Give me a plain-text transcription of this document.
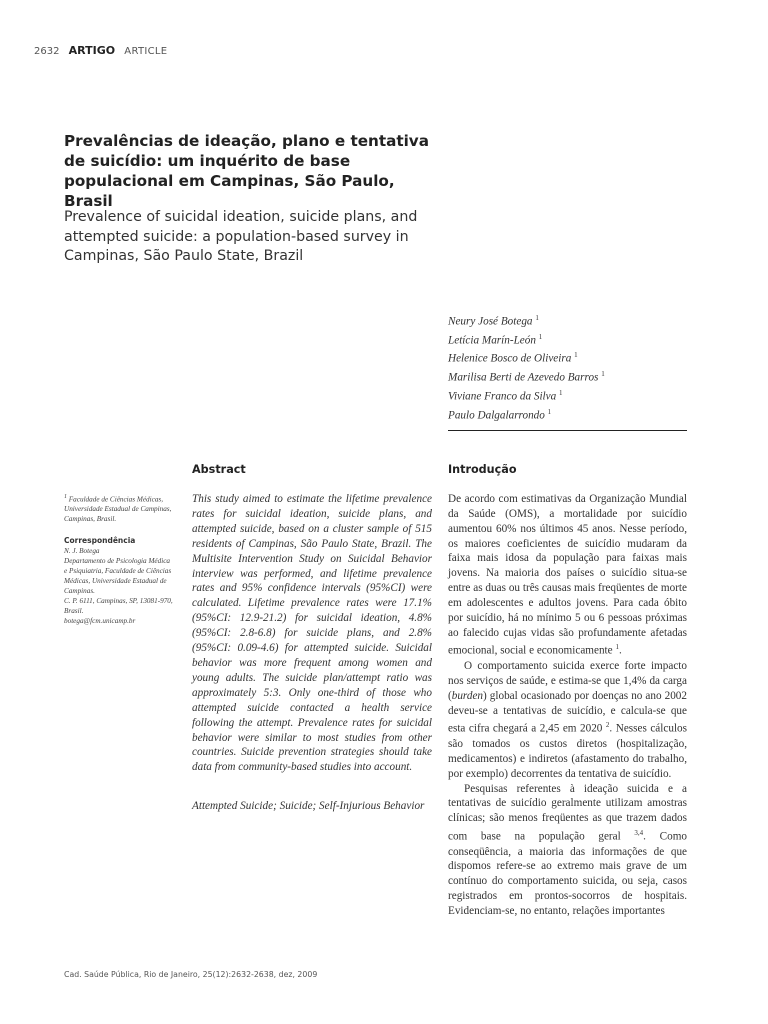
2632 ARTIGO ARTICLE
Prevalências de ideação, plano e tentativa de suicídio: um inquérito de base populacional em Campinas, São Paulo, Brasil
Prevalence of suicidal ideation, suicide plans, and attempted suicide: a population-based survey in Campinas, São Paulo State, Brazil
Neury José Botega $^1$
Letícia Marín-León $^1$
Helenice Bosco de Oliveira $^1$
Marilisa Berti de Azevedo Barros $^1$
Viviane Franco da Silva $^1$
Paulo Dalgalarrondo $^1$
Abstract	Introdução
$^1$ Faculdade de Ciências Médicas, Universidade Estadual de Campinas, Campinas, Brasil.
Correspondência
N. J. Botega
Departamento de Psicologia Médica e Psiquiatria, Faculdade de Ciências Médicas, Universidade Estadual de Campinas.
C. P. 6111, Campinas, SP, 13081-970, Brasil.
botega@fcm.unicamp.br

This study aimed to estimate the lifetime prevalence rates for suicidal ideation, suicide plans, and attempted suicide, based on a cluster sample of 515 residents of Campinas, São Paulo State, Brazil. The Multisite Intervention Study on Suicidal Behavior interview was performed, and lifetime prevalence rates and 95% confidence intervals (95%CI) were calculated. Lifetime prevalence rates were 17.1% (95%CI: 12.9-21.2) for suicidal ideation, 4.8% (95%CI: 2.8-6.8) for suicide plans, and 2.8% (95%CI: 0.09-4.6) for attempted suicide. Suicidal behavior was more frequent among women and young adults. The suicide plan/attempt ratio was approximately 5:3. Only one-third of those who attempted suicide contacted a health service following the attempt. Prevalence rates for suicidal behavior were similar to most studies from other countries. Suicide prevention strategies should take data from community-based studies into account.

Attempted Suicide; Suicide; Self-Injurious Behavior

De acordo com estimativas da Organização Mundial da Saúde (OMS), a mortalidade por suicídio aumentou 60% nos últimos 45 anos. Nesse período, os maiores coeficientes de suicídio mudaram da faixa mais idosa da população para faixas mais jovens. Na maioria dos países o suicídio situa-se entre as duas ou três causas mais freqüentes de morte em adolescentes e adultos jovens. Para cada óbito por suicídio, há no mínimo 5 ou 6 pessoas próximas ao falecido cujas vidas são profundamente afetadas emocional, social e economicamente $^1$.

O comportamento suicida exerce forte impacto nos serviços de saúde, e estima-se que 1,4% da carga (burden) global ocasionado por doenças no ano 2002 deveu-se a tentativas de suicídio, e calcula-se que esta cifra chegará a 2,45 em 2020 $^2$. Nesses cálculos são tomados os custos diretos (hospitalização, medicamentos) e indiretos (afastamento do trabalho, por exemplo) decorrentes da tentativa de suicídio.

Pesquisas referentes à ideação suicida e a tentativas de suicídio geralmente utilizam amostras clínicas; são menos freqüentes as que trazem dados com base na população geral $^{3,4}$. Como conseqüência, a maioria das informações de que dispomos refere-se ao extremo mais grave de um contínuo do comportamento suicida, ou seja, casos registrados em prontos-socorros de hospitais. Evidenciam-se, no entanto, relações importantes

Cad. Saúde Pública, Rio de Janeiro, 25(12):2632-2638, dez, 2009
